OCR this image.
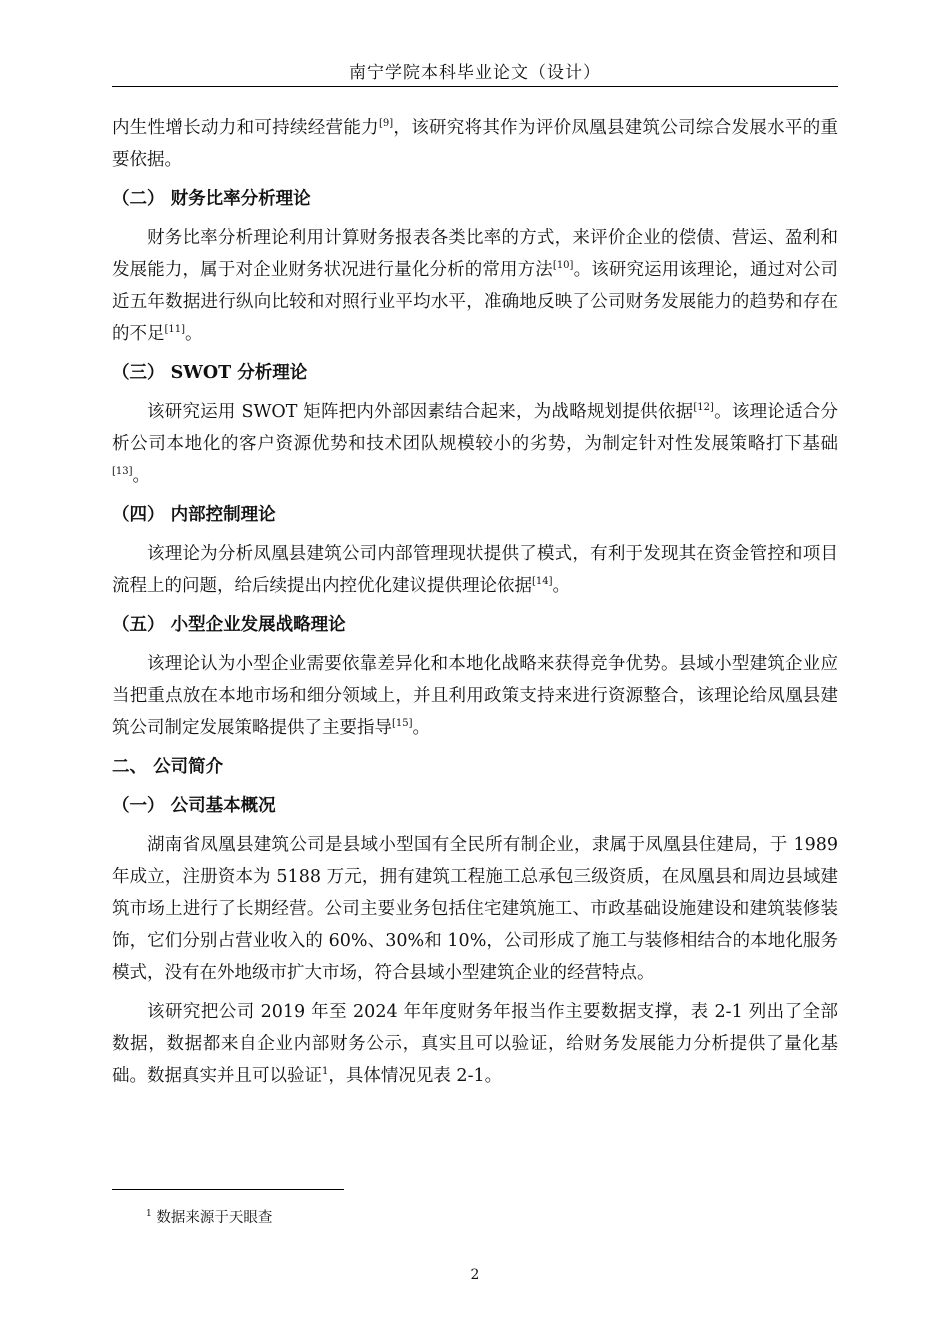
南宁学院本科毕业论文（设计）

内生性增长动力和可持续经营能力[9]，该研究将其作为评价凤凰县建筑公司综合发展水平的重要依据。

（二） 财务比率分析理论

财务比率分析理论利用计算财务报表各类比率的方式，来评价企业的偿债、营运、盈利和发展能力，属于对企业财务状况进行量化分析的常用方法[10]。该研究运用该理论，通过对公司近五年数据进行纵向比较和对照行业平均水平，准确地反映了公司财务发展能力的趋势和存在的不足[11]。

（三） SWOT 分析理论

该研究运用 SWOT 矩阵把内外部因素结合起来，为战略规划提供依据[12]。该理论适合分析公司本地化的客户资源优势和技术团队规模较小的劣势，为制定针对性发展策略打下基础[13]。

（四） 内部控制理论

该理论为分析凤凰县建筑公司内部管理现状提供了模式，有利于发现其在资金管控和项目流程上的问题，给后续提出内控优化建议提供理论依据[14]。

（五） 小型企业发展战略理论

该理论认为小型企业需要依靠差异化和本地化战略来获得竞争优势。县域小型建筑企业应当把重点放在本地市场和细分领域上，并且利用政策支持来进行资源整合，该理论给凤凰县建筑公司制定发展策略提供了主要指导[15]。

二、 公司简介

（一） 公司基本概况

湖南省凤凰县建筑公司是县域小型国有全民所有制企业，隶属于凤凰县住建局，于 1989 年成立，注册资本为 5188 万元，拥有建筑工程施工总承包三级资质，在凤凰县和周边县域建筑市场上进行了长期经营。公司主要业务包括住宅建筑施工、市政基础设施建设和建筑装修装饰，它们分别占营业收入的 60%、30%和 10%，公司形成了施工与装修相结合的本地化服务模式，没有在外地级市扩大市场，符合县域小型建筑企业的经营特点。

该研究把公司 2019 年至 2024 年年度财务年报当作主要数据支撑，表 2-1 列出了全部数据，数据都来自企业内部财务公示，真实且可以验证，给财务发展能力分析提供了量化基础。数据真实并且可以验证$^1$，具体情况见表 2-1。

$^1$ 数据来源于天眼查
2
